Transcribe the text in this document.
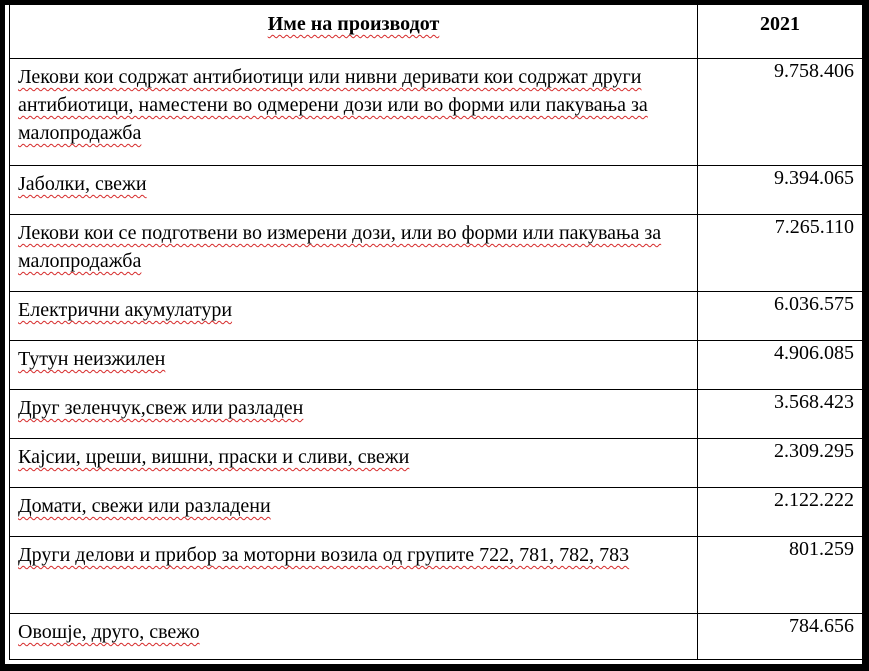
Име на производот	2021
Лекови кои содржат антибиотици или нивни деривати кои содржат други антибиотици, наместени во одмерени дози или во форми или пакувања за малопродажба	9.758.406
Јаболки, свежи	9.394.065
Лекови кои се подготвени во измерени дози, или во форми или пакувања за малопродажба	7.265.110
Електрични акумулатури	6.036.575
Тутун неизжилен	4.906.085
Друг зеленчук,свеж или разладен	3.568.423
Кајсии, цреши, вишни, праски и сливи, свежи	2.309.295
Домати, свежи или разладени	2.122.222
Други делови и прибор за моторни возила од групите 722, 781, 782, 783	801.259
Овошје, друго, свежо	784.656
